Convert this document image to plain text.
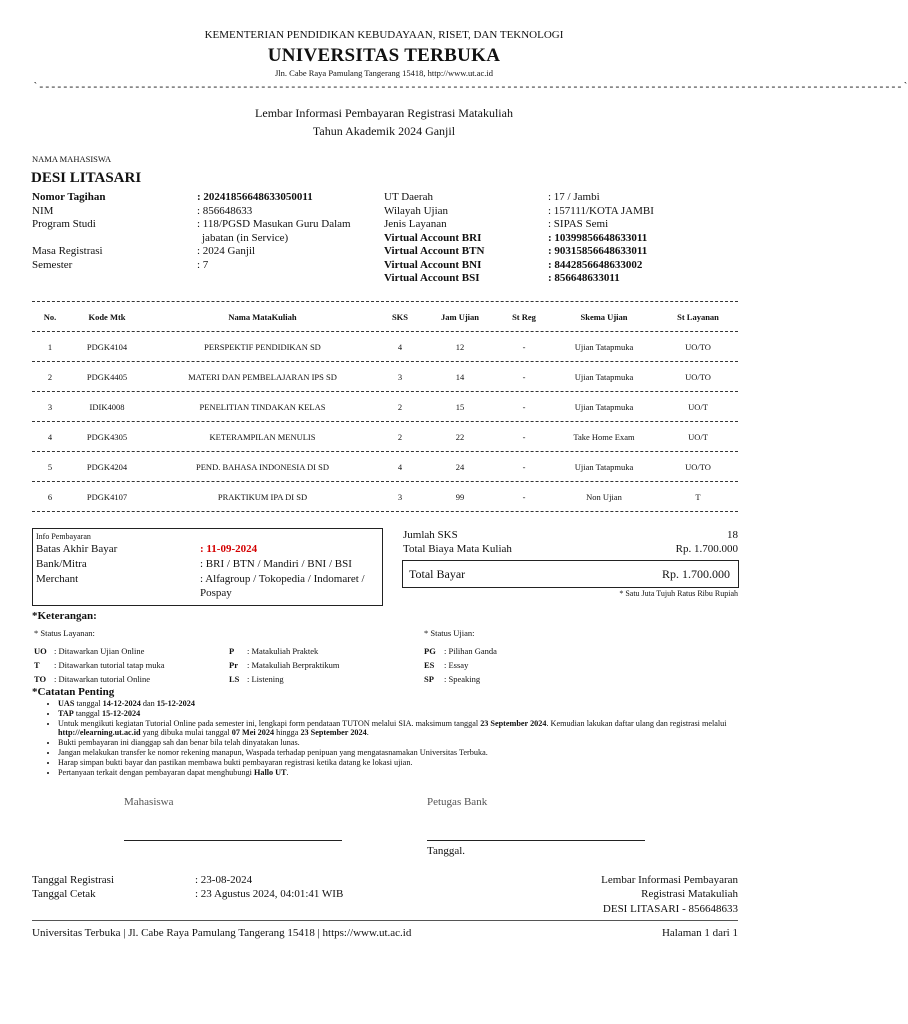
KEMENTERIAN PENDIDIKAN KEBUDAYAAN, RISET, DAN TEKNOLOGI
UNIVERSITAS TERBUKA
Jln. Cabe Raya Pamulang Tangerang 15418, http://www.ut.ac.id
`------------------------------------------------------------------------------------------------------------------------------------------------`
Lembar Informasi Pembayaran Registrasi Matakuliah
Tahun Akademik 2024 Ganjil
NAMA MAHASISWA
DESI LITASARI
Nomor Tagihan	: 20241856648633050011
NIM	: 856648633
Program Studi	: 118/PGSD Masukan Guru Dalam
	jabatan (in Service)
Masa Registrasi	: 2024 Ganjil
Semester	: 7
UT Daerah	: 17 / Jambi
Wilayah Ujian	: 157111/KOTA JAMBI
Jenis Layanan	: SIPAS Semi
Virtual Account BRI	: 10399856648633011
Virtual Account BTN	: 90315856648633011
Virtual Account BNI	: 8442856648633002
Virtual Account BSI	: 856648633011
No.	Kode Mtk	Nama MataKuliah	SKS	Jam Ujian	St Reg	Skema Ujian	St Layanan
1	PDGK4104	PERSPEKTIF PENDIDIKAN SD	4	12	-	Ujian Tatapmuka	UO/TO
2	PDGK4405	MATERI DAN PEMBELAJARAN IPS SD	3	14	-	Ujian Tatapmuka	UO/TO
3	IDIK4008	PENELITIAN TINDAKAN KELAS	2	15	-	Ujian Tatapmuka	UO/T
4	PDGK4305	KETERAMPILAN MENULIS	2	22	-	Take Home Exam	UO/T
5	PDGK4204	PEND. BAHASA INDONESIA DI SD	4	24	-	Ujian Tatapmuka	UO/TO
6	PDGK4107	PRAKTIKUM IPA DI SD	3	99	-	Non Ujian	T
Info Pembayaran
Batas Akhir Bayar	: 11-09-2024
Bank/Mitra	: BRI / BTN / Mandiri / BNI / BSI
Merchant	: Alfagroup / Tokopedia / Indomaret /
Pospay
Jumlah SKS	18
Total Biaya Mata Kuliah	Rp. 1.700.000
Total Bayar	Rp. 1.700.000
* Satu Juta Tujuh Ratus Ribu Rupiah
*Keterangan:
* Status Layanan:	* Status Ujian:
UO : Ditawarkan Ujian Online
T : Ditawarkan tutorial tatap muka
TO : Ditawarkan tutorial Online
P : Matakuliah Praktek
Pr : Matakuliah Berpraktikum
LS : Listening
PG : Pilihan Ganda
ES : Essay
SP : Speaking
*Catatan Penting
• UAS tanggal 14-12-2024 dan 15-12-2024
• TAP tanggal 15-12-2024
• Untuk mengikuti kegiatan Tutorial Online pada semester ini, lengkapi form pendataan TUTON melalui SIA. maksimum tanggal 23 September 2024. Kemudian lakukan daftar ulang dan registrasi melalui http://elearning.ut.ac.id yang dibuka mulai tanggal 07 Mei 2024 hingga 23 September 2024.
• Bukti pembayaran ini dianggap sah dan benar bila telah dinyatakan lunas.
• Jangan melakukan transfer ke nomor rekening manapun, Waspada terhadap penipuan yang mengatasnamakan Universitas Terbuka.
• Harap simpan bukti bayar dan pastikan membawa bukti pembayaran registrasi ketika datang ke lokasi ujian.
• Pertanyaan terkait dengan pembayaran dapat menghubungi Hallo UT.
Mahasiswa	Petugas Bank
Tanggal.
Tanggal Registrasi	: 23-08-2024
Tanggal Cetak	: 23 Agustus 2024, 04:01:41 WIB
Lembar Informasi Pembayaran
Registrasi Matakuliah
DESI LITASARI - 856648633
Universitas Terbuka | Jl. Cabe Raya Pamulang Tangerang 15418 | https://www.ut.ac.id	Halaman 1 dari 1
